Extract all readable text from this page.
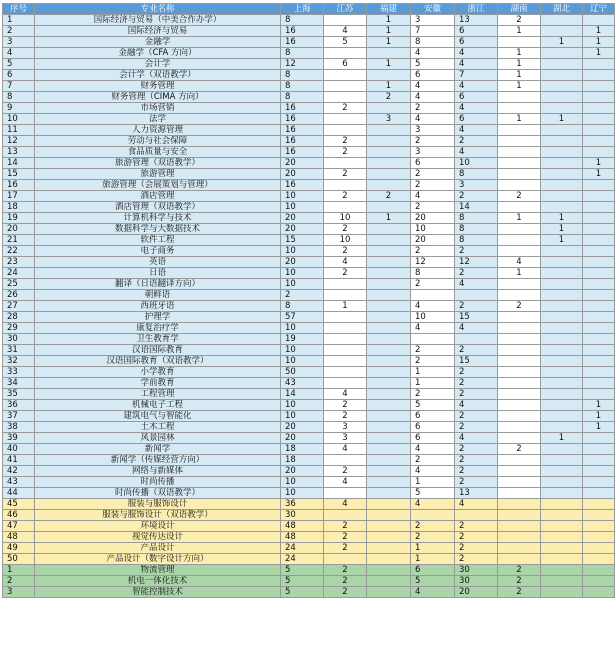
序号	专业名称	上海	江苏	福建	安徽	浙江	湖南	湖北	辽宁
1	国际经济与贸易（中美合作办学）	8		1	3	13	2		
2	国际经济与贸易	16	4	1	7	6	1		1
3	金融学	16	5	1	8	6		1	1
4	金融学（CFA 方向）	8			4	4	1		1
5	会计学	12	6	1	5	4	1		
6	会计学（双语教学）	8			6	7	1		
7	财务管理	8		1	4	4	1		
8	财务管理（CIMA 方向）	8		2	4	6			
9	市场营销	16	2		2	4			
10	法学	16		3	4	6	1	1	
11	人力资源管理	16			3	4			
12	劳动与社会保障	16	2		2	2			
13	食品质量与安全	16	2		3	4			
14	旅游管理（双语教学）	20			6	10			1
15	旅游管理	20	2		2	8			1
16	旅游管理（会展策划与管理）	16			2	3			
17	酒店管理	10	2	2	4	2	2		
18	酒店管理（双语教学）	10			2	14			
19	计算机科学与技术	20	10	1	20	8	1	1	
20	数据科学与大数据技术	20	2		10	8		1	
21	软件工程	15	10		20	8		1	
22	电子商务	10	2		2	2			
23	英语	20	4		12	12	4		
24	日语	10	2		8	2	1		
25	翻译（日语翻译方向）	10			2	4			
26	朝鲜语	2							
27	西班牙语	8	1		4	2	2		
28	护理学	57			10	15			
29	康复治疗学	10			4	4			
30	卫生教育学	19							
31	汉语国际教育	10			2	2			
32	汉语国际教育（双语教学）	10			2	15			
33	小学教育	50			1	2			
34	学前教育	43			1	2			
35	工程管理	14	4		2	2			
36	机械电子工程	10	2		5	4			1
37	建筑电气与智能化	10	2		6	2			1
38	土木工程	20	3		6	2			1
39	风景园林	20	3		6	4		1	
40	新闻学	18	4		4	2	2		
41	新闻学（传媒经营方向）	18			2	2			
42	网络与新媒体	20	2		4	2			
43	时尚传播	10	4		1	2			
44	时尚传播（双语教学）	10			5	13			
45	服装与服饰设计	36	4		4	4			
46	服装与服饰设计（双语教学）	30							
47	环境设计	48	2		2	2			
48	视觉传达设计	48	2		2	2			
49	产品设计	24	2		1	2			
50	产品设计（数字设计方向）	24			1	2			
1	物流管理	5	2		6	30	2		
2	机电一体化技术	5	2		5	30	2		
3	智能控制技术	5	2		4	20	2		
